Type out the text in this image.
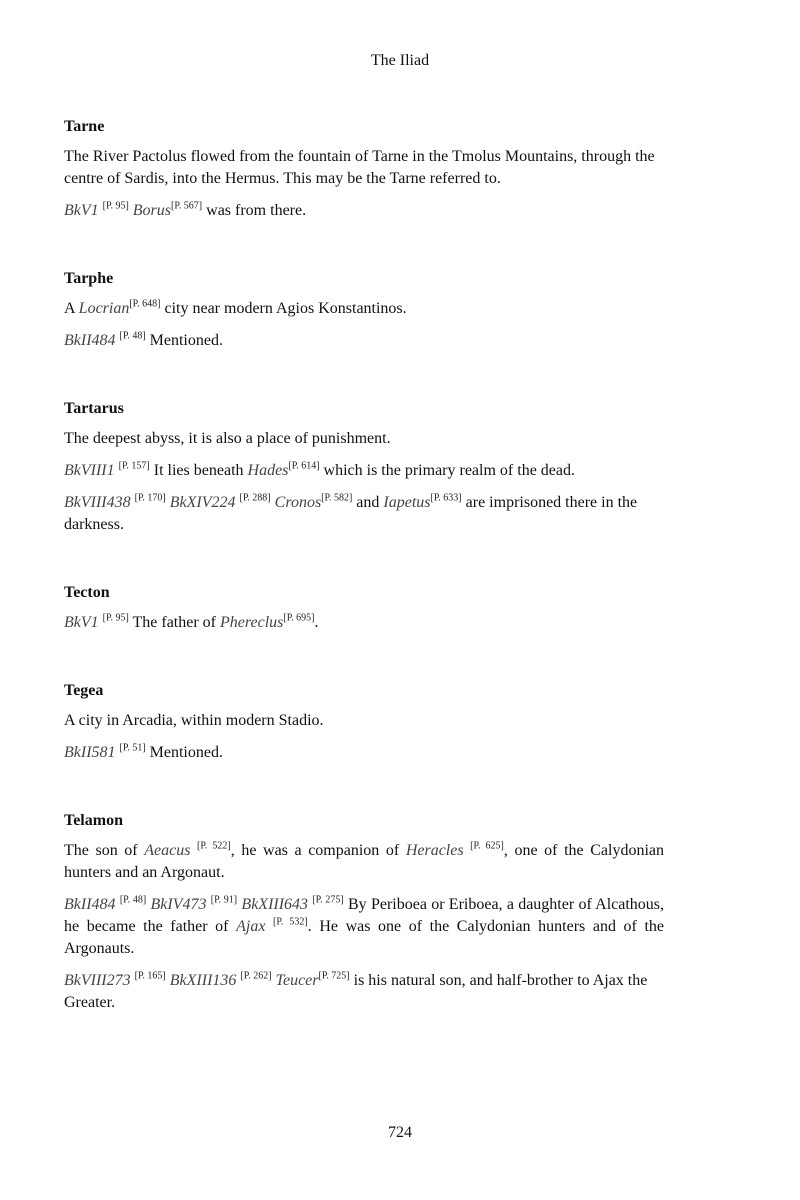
The Iliad
Tarne

The River Pactolus flowed from the fountain of Tarne in the Tmolus Mountains, through the centre of Sardis, into the Hermus. This may be the Tarne referred to.

BkV1 [P. 95] Borus[P. 567] was from there.

Tarphe

A Locrian[P. 648] city near modern Agios Konstantinos.

BkII484 [P. 48] Mentioned.

Tartarus

The deepest abyss, it is also a place of punishment.

BkVIII1 [P. 157] It lies beneath Hades[P. 614] which is the primary realm of the dead.

BkVIII438 [P. 170] BkXIV224 [P. 288] Cronos[P. 582] and Iapetus[P. 633] are imprisoned there in the darkness.

Tecton

BkV1 [P. 95] The father of Phereclus[P. 695].

Tegea

A city in Arcadia, within modern Stadio.

BkII581 [P. 51] Mentioned.

Telamon

The son of Aeacus [P. 522], he was a companion of Heracles [P. 625], one of the Calydonian hunters and an Argonaut.

BkII484 [P. 48] BkIV473 [P. 91] BkXIII643 [P. 275] By Periboea or Eriboea, a daughter of Alcathous, he became the father of Ajax [P. 532]. He was one of the Calydonian hunters and of the Argonauts.

BkVIII273 [P. 165] BkXIII136 [P. 262] Teucer[P. 725] is his natural son, and half-brother to Ajax the Greater.

724
